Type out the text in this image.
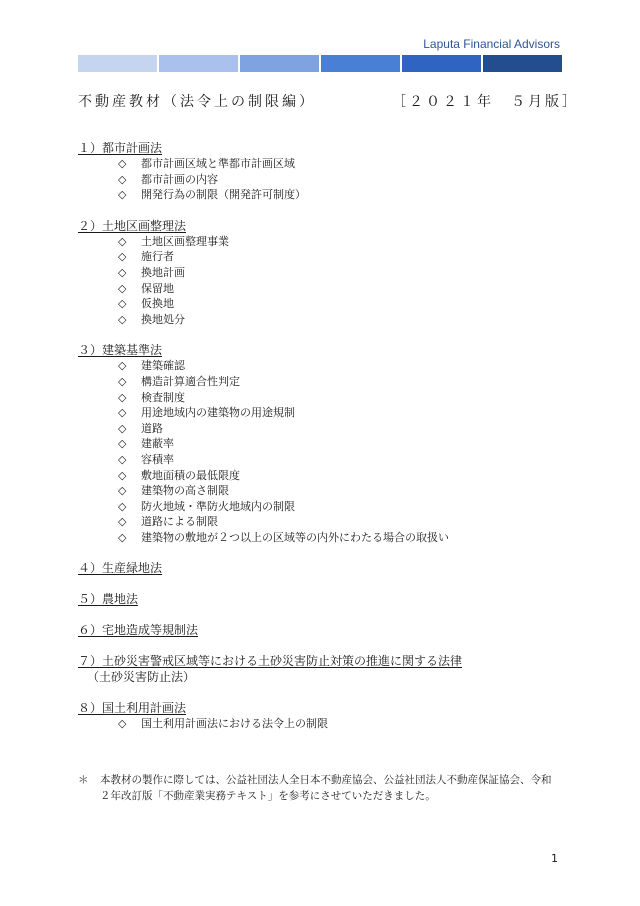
Laputa Financial Advisors
不動産教材（法令上の制限編）	［２０２１年　５月版］
１）都市計画法
◇ 都市計画区域と準都市計画区域
◇ 都市計画の内容
◇ 開発行為の制限（開発許可制度）
２）土地区画整理法
◇ 土地区画整理事業
◇ 施行者
◇ 換地計画
◇ 保留地
◇ 仮換地
◇ 換地処分
３）建築基準法
◇ 建築確認
◇ 構造計算適合性判定
◇ 検査制度
◇ 用途地域内の建築物の用途規制
◇ 道路
◇ 建蔽率
◇ 容積率
◇ 敷地面積の最低限度
◇ 建築物の高さ制限
◇ 防火地域・準防火地域内の制限
◇ 道路による制限
◇ 建築物の敷地が２つ以上の区域等の内外にわたる場合の取扱い
４）生産緑地法
５）農地法
６）宅地造成等規制法
７）土砂災害警戒区域等における土砂災害防止対策の推進に関する法律
（土砂災害防止法）
８）国土利用計画法
◇ 国土利用計画法における法令上の制限
＊	本教材の製作に際しては、公益社団法人全日本不動産協会、公益社団法人不動産保証協会、令和
２年改訂版「不動産業実務テキスト」を参考にさせていただきました。
1
